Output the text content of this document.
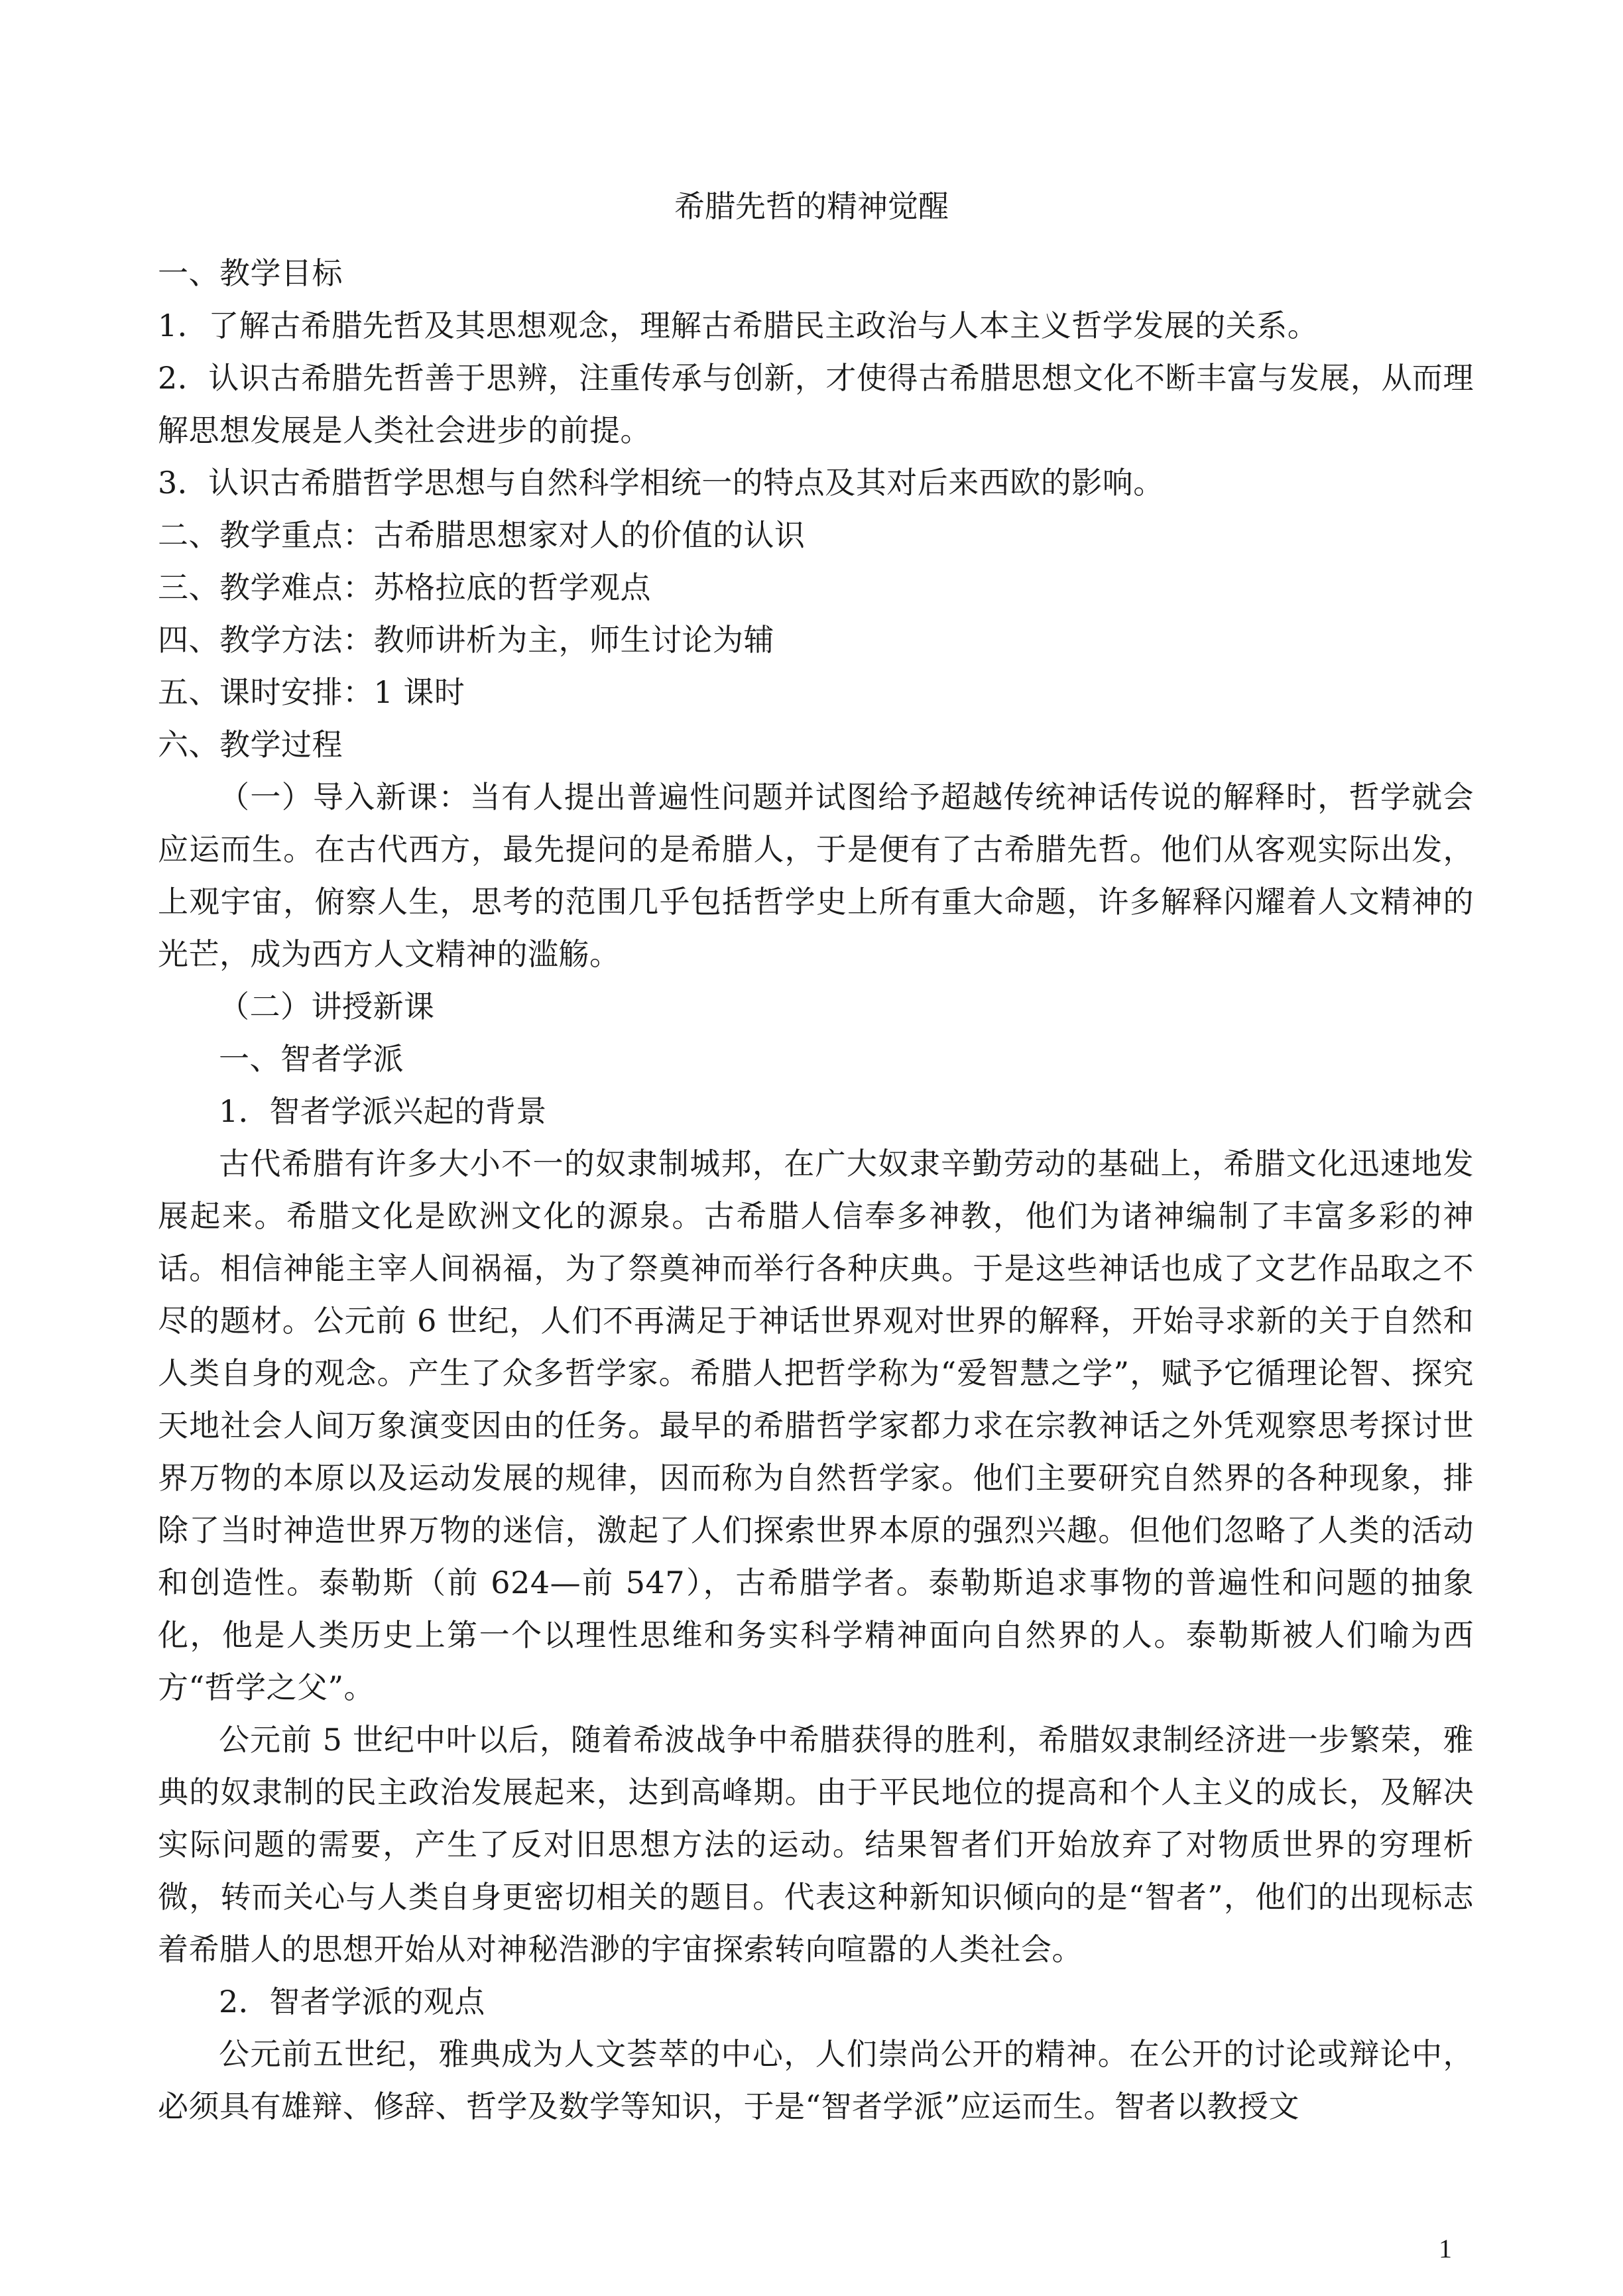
希腊先哲的精神觉醒

一、教学目标

1．了解古希腊先哲及其思想观念，理解古希腊民主政治与人本主义哲学发展的关系。

2．认识古希腊先哲善于思辨，注重传承与创新，才使得古希腊思想文化不断丰富与发展，从而理解思想发展是人类社会进步的前提。

3．认识古希腊哲学思想与自然科学相统一的特点及其对后来西欧的影响。

二、教学重点：古希腊思想家对人的价值的认识

三、教学难点：苏格拉底的哲学观点

四、教学方法：教师讲析为主，师生讨论为辅

五、课时安排：1 课时

六、教学过程

（一）导入新课：当有人提出普遍性问题并试图给予超越传统神话传说的解释时，哲学就会应运而生。在古代西方，最先提问的是希腊人，于是便有了古希腊先哲。他们从客观实际出发，上观宇宙，俯察人生，思考的范围几乎包括哲学史上所有重大命题，许多解释闪耀着人文精神的光芒，成为西方人文精神的滥觞。

（二）讲授新课

一、智者学派

1．智者学派兴起的背景

古代希腊有许多大小不一的奴隶制城邦，在广大奴隶辛勤劳动的基础上，希腊文化迅速地发展起来。希腊文化是欧洲文化的源泉。古希腊人信奉多神教，他们为诸神编制了丰富多彩的神话。相信神能主宰人间祸福，为了祭奠神而举行各种庆典。于是这些神话也成了文艺作品取之不尽的题材。公元前 6 世纪，人们不再满足于神话世界观对世界的解释，开始寻求新的关于自然和人类自身的观念。产生了众多哲学家。希腊人把哲学称为“爱智慧之学”，赋予它循理论智、探究天地社会人间万象演变因由的任务。最早的希腊哲学家都力求在宗教神话之外凭观察思考探讨世界万物的本原以及运动发展的规律，因而称为自然哲学家。他们主要研究自然界的各种现象，排除了当时神造世界万物的迷信，激起了人们探索世界本原的强烈兴趣。但他们忽略了人类的活动和创造性。泰勒斯（前 624—前 547），古希腊学者。泰勒斯追求事物的普遍性和问题的抽象化，他是人类历史上第一个以理性思维和务实科学精神面向自然界的人。泰勒斯被人们喻为西方“哲学之父”。

公元前 5 世纪中叶以后，随着希波战争中希腊获得的胜利，希腊奴隶制经济进一步繁荣，雅典的奴隶制的民主政治发展起来，达到高峰期。由于平民地位的提高和个人主义的成长，及解决实际问题的需要，产生了反对旧思想方法的运动。结果智者们开始放弃了对物质世界的穷理析微，转而关心与人类自身更密切相关的题目。代表这种新知识倾向的是“智者”，他们的出现标志着希腊人的思想开始从对神秘浩渺的宇宙探索转向喧嚣的人类社会。

2．智者学派的观点

公元前五世纪，雅典成为人文荟萃的中心，人们崇尚公开的精神。在公开的讨论或辩论中，必须具有雄辩、修辞、哲学及数学等知识，于是“智者学派”应运而生。智者以教授文

1
